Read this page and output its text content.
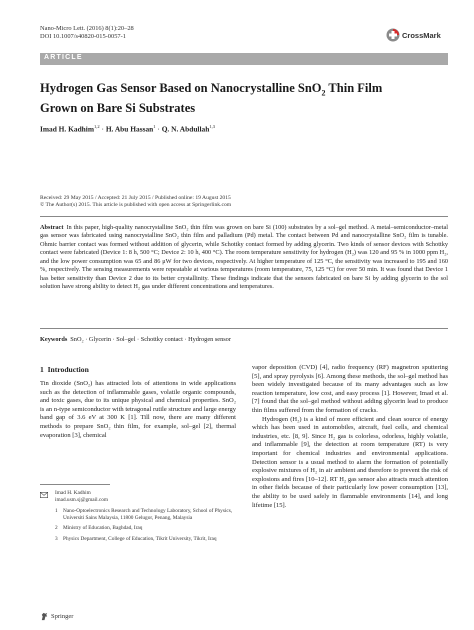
Nano-Micro Lett. (2016) 8(1):20–28
DOI 10.1007/s40820-015-0057-1	CrossMark
ARTICLE
Hydrogen Gas Sensor Based on Nanocrystalline SnO$_2$ Thin Film
Grown on Bare Si Substrates
Imad H. Kadhim$^{1,2}$ · H. Abu Hassan$^1$ · Q. N. Abdullah$^{1,3}$
Received: 29 May 2015 / Accepted: 21 July 2015 / Published online: 19 August 2015
© The Author(s) 2015. This article is published with open access at Springerlink.com
Abstract In this paper, high-quality nanocrystalline SnO₂ thin film was grown on bare Si (100) substrates by a sol–gel method. A metal–semiconductor–metal gas sensor was fabricated using nanocrystalline SnO₂ thin film and palladium (Pd) metal. The contact between Pd and nanocrystalline SnO₂ film is tunable. Ohmic barrier contact was formed without addition of glycerin, while Schottky contact formed by adding glycerin. Two kinds of sensor devices with Schottky contact were fabricated (Device 1: 8 h, 500 °C; Device 2: 10 h, 400 °C). The room temperature sensitivity for hydrogen (H₂) was 120 and 95 % in 1000 ppm H₂, and the low power consumption was 65 and 86 μW for two devices, respectively. At higher temperature of 125 °C, the sensitivity was increased to 195 and 160 %, respectively. The sensing measurements were repeatable at various temperatures (room temperature, 75, 125 °C) for over 50 min. It was found that Device 1 has better sensitivity than Device 2 due to its better crystallinity. These findings indicate that the sensors fabricated on bare Si by adding glycerin to the sol solution have strong ability to detect H₂ gas under different concentrations and temperatures.
Keywords SnO₂ · Glycerin · Sol–gel · Schottky contact · Hydrogen sensor
1 Introduction

Tin dioxide (SnO₂) has attracted lots of attentions in wide applications such as the detection of inflammable gases, volatile organic compounds, and toxic gases, due to its unique physical and chemical properties. SnO₂ is an n-type semiconductor with tetragonal rutile structure and large energy band gap of 3.6 eV at 300 K [1]. Till now, there are many different methods to prepare SnO₂ thin film, for example, sol–gel [2], thermal evaporation [3], chemical

vapor deposition (CVD) [4], radio frequency (RF) magnetron sputtering [5], and spray pyrolysis [6]. Among these methods, the sol–gel method has been widely investigated because of its many advantages such as low reaction temperature, low cost, and easy process [1]. However, Imad et al. [7] found that the sol–gel method without adding glycerin lead to produce thin films suffered from the formation of cracks.

Hydrogen (H₂) is a kind of more efficient and clean source of energy which has been used in automobiles, aircraft, fuel cells, and chemical industries, etc. [8, 9]. Since H₂ gas is colorless, odorless, highly volatile, and inflammable [9], the detection at room temperature (RT) is very important for chemical industries and environmental applications. Detection sensor is a usual method to alarm the formation of potentially explosive mixtures of H₂ in air ambient and therefore to prevent the risk of explosions and fires [10–12]. RT H₂ gas sensor also attracts much attention in other fields because of their particularly low power consumption [13], the ability to be used safely in flammable environments [14], and long lifetime [15].

Imad H. Kadhim
imad.usm.sj@gmail.com
1 Nano-Optoelectronics Research and Technology Laboratory, School of Physics, Universiti Sains Malaysia, 11800 Gelugor, Penang, Malaysia
2 Ministry of Education, Baghdad, Iraq
3 Physics Department, College of Education, Tikrit University, Tikrit, Iraq
Springer
